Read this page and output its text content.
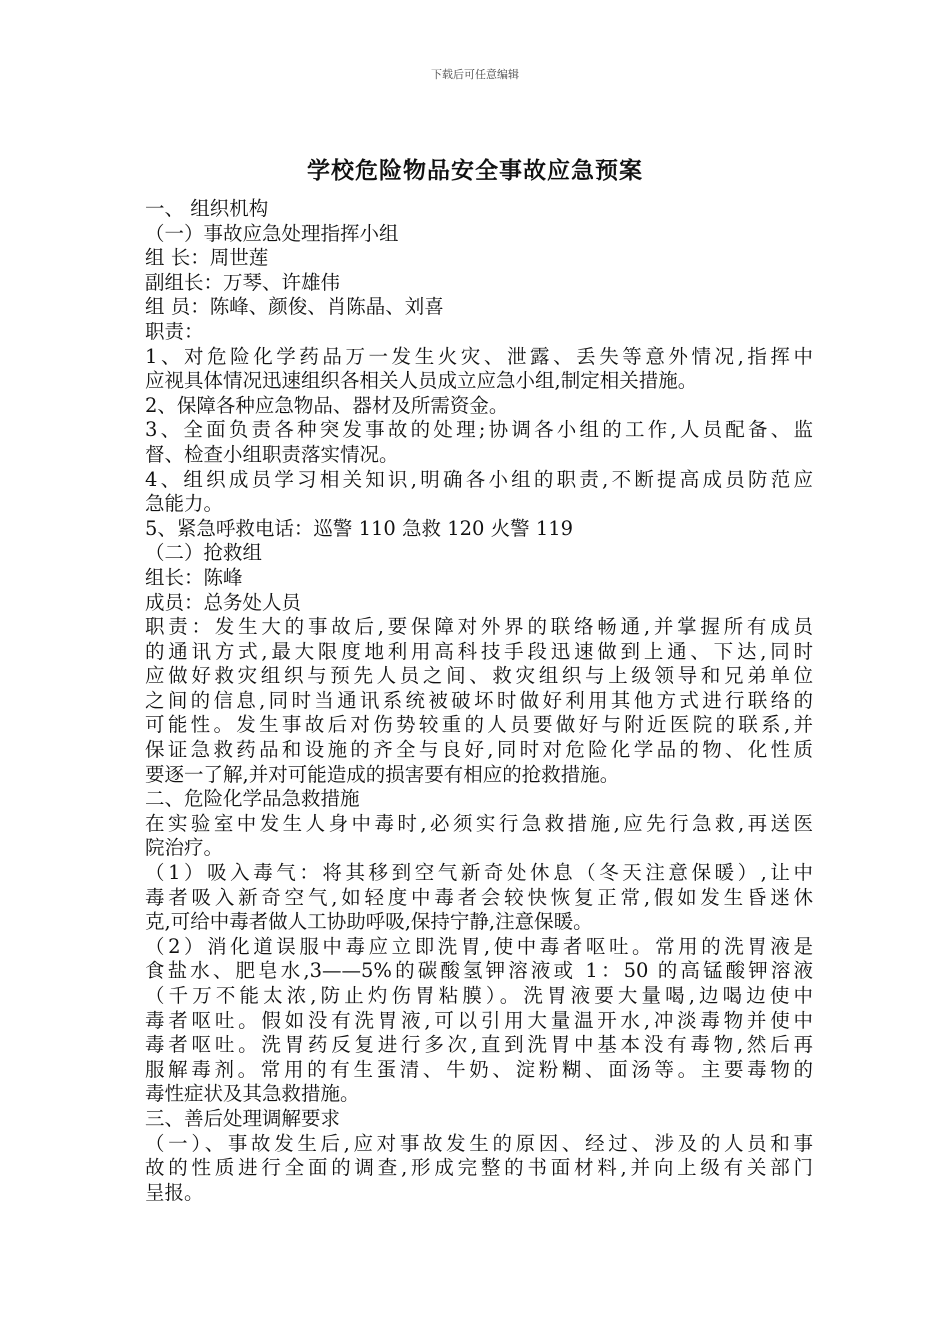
下载后可任意编辑
学校危险物品安全事故应急预案
一、 组织机构
（一）事故应急处理指挥小组
组 长：周世莲
副组长：万琴、许雄伟
组 员：陈峰、颜俊、肖陈晶、刘喜
职责：
1、对危险化学药品万一发生火灾、泄露、丢失等意外情况,指挥中
应视具体情况迅速组织各相关人员成立应急小组,制定相关措施。
2、保障各种应急物品、器材及所需资金。
3、全面负责各种突发事故的处理;协调各小组的工作,人员配备、监
督、检查小组职责落实情况。
4、组织成员学习相关知识,明确各小组的职责,不断提高成员防范应
急能力。
5、紧急呼救电话：巡警 110 急救 120 火警 119
（二）抢救组
组长：陈峰
成员：总务处人员
职责：发生大的事故后,要保障对外界的联络畅通,并掌握所有成员
的通讯方式,最大限度地利用高科技手段迅速做到上通、下达,同时
应做好救灾组织与预先人员之间、救灾组织与上级领导和兄弟单位
之间的信息,同时当通讯系统被破坏时做好利用其他方式进行联络的
可能性。发生事故后对伤势较重的人员要做好与附近医院的联系,并
保证急救药品和设施的齐全与良好,同时对危险化学品的物、化性质
要逐一了解,并对可能造成的损害要有相应的抢救措施。
二、危险化学品急救措施
在实验室中发生人身中毒时,必须实行急救措施,应先行急救,再送医
院治疗。
（1）吸入毒气：将其移到空气新奇处休息（冬天注意保暖）,让中
毒者吸入新奇空气,如轻度中毒者会较快恢复正常,假如发生昏迷休
克,可给中毒者做人工协助呼吸,保持宁静,注意保暖。
（2）消化道误服中毒应立即洗胃,使中毒者呕吐。常用的洗胃液是
食盐水、肥皂水,3——5%的碳酸氢钾溶液或 1：50 的高锰酸钾溶液
（千万不能太浓,防止灼伤胃粘膜）。洗胃液要大量喝,边喝边使中
毒者呕吐。假如没有洗胃液,可以引用大量温开水,冲淡毒物并使中
毒者呕吐。洗胃药反复进行多次,直到洗胃中基本没有毒物,然后再
服解毒剂。常用的有生蛋清、牛奶、淀粉糊、面汤等。主要毒物的
毒性症状及其急救措施。
三、善后处理调解要求
（一）、事故发生后,应对事故发生的原因、经过、涉及的人员和事
故的性质进行全面的调查,形成完整的书面材料,并向上级有关部门
呈报。
